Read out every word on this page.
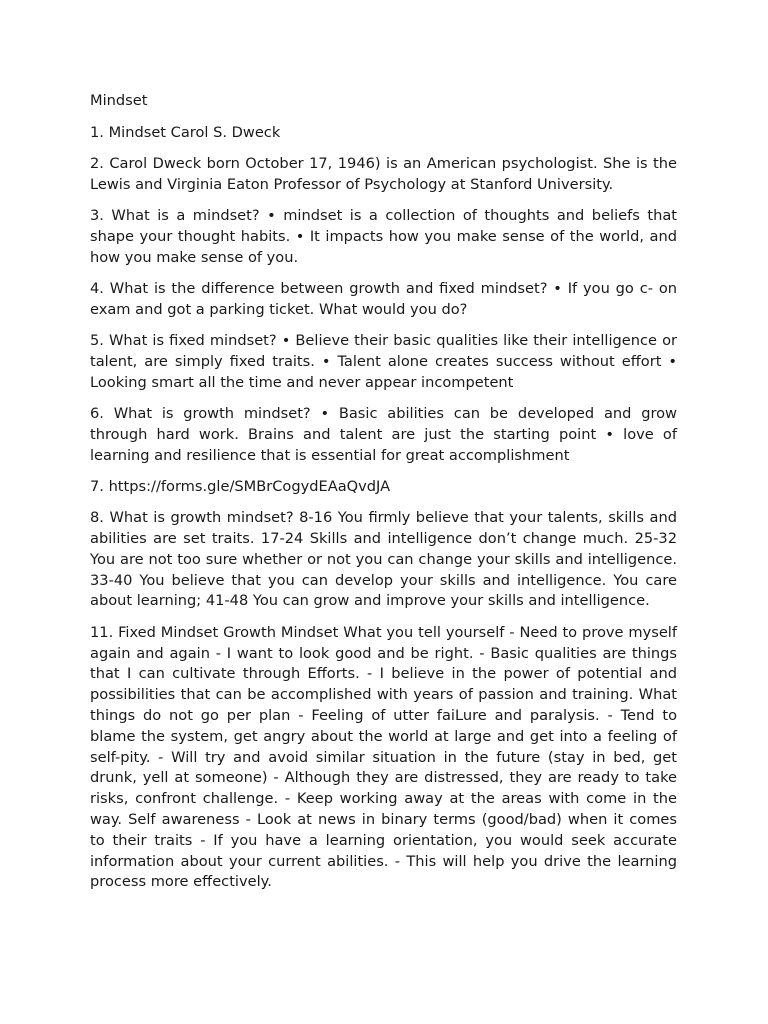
Mindset

1. Mindset Carol S. Dweck

2. Carol Dweck born October 17, 1946) is an American psychologist. She is the Lewis and Virginia Eaton Professor of Psychology at Stanford University.

3. What is a mindset? • mindset is a collection of thoughts and beliefs that shape your thought habits. • It impacts how you make sense of the world, and how you make sense of you.

4. What is the difference between growth and fixed mindset? • If you go c- on exam and got a parking ticket. What would you do?

5. What is fixed mindset? • Believe their basic qualities like their intelligence or talent, are simply fixed traits. • Talent alone creates success without effort • Looking smart all the time and never appear incompetent

6. What is growth mindset? • Basic abilities can be developed and grow through hard work. Brains and talent are just the starting point • love of learning and resilience that is essential for great accomplishment

7. https://forms.gle/SMBrCogydEAaQvdJA

8. What is growth mindset? 8-16 You firmly believe that your talents, skills and abilities are set traits. 17-24 Skills and intelligence don’t change much. 25-32 You are not too sure whether or not you can change your skills and intelligence. 33-40 You believe that you can develop your skills and intelligence. You care about learning; 41-48 You can grow and improve your skills and intelligence.

11. Fixed Mindset Growth Mindset What you tell yourself - Need to prove myself again and again - I want to look good and be right. - Basic qualities are things that I can cultivate through Efforts. - I believe in the power of potential and possibilities that can be accomplished with years of passion and training. What things do not go per plan - Feeling of utter faiLure and paralysis. - Tend to blame the system, get angry about the world at large and get into a feeling of self-pity. - Will try and avoid similar situation in the future (stay in bed, get drunk, yell at someone) - Although they are distressed, they are ready to take risks, confront challenge. - Keep working away at the areas with come in the way. Self awareness - Look at news in binary terms (good/bad) when it comes to their traits - If you have a learning orientation, you would seek accurate information about your current abilities. - This will help you drive the learning process more effectively.
